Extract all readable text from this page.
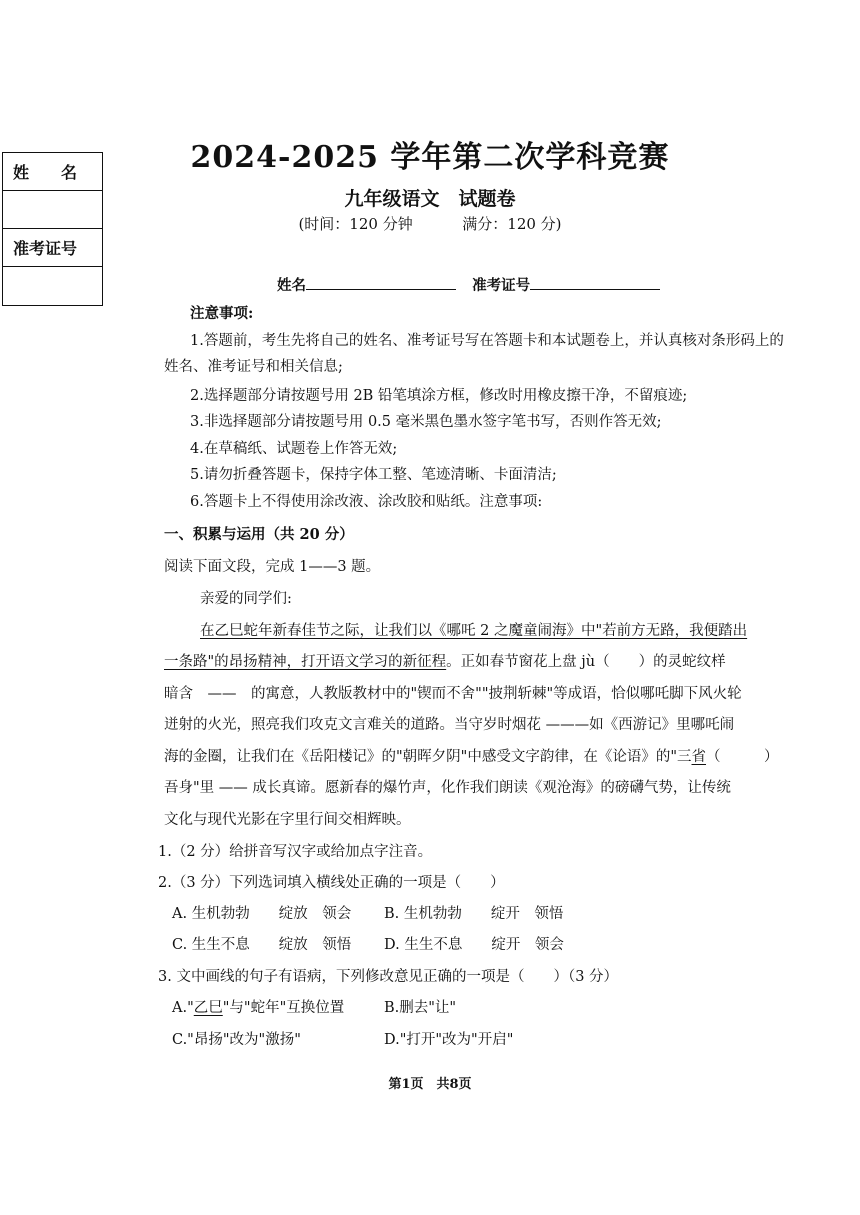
姓　　名
准考证号
2024-2025 学年第二次学科竞赛
九年级语文　试题卷
(时间：120 分钟	满分：120 分)
姓名	准考证号
注意事项:
1.答题前，考生先将自己的姓名、准考证号写在答题卡和本试题卷上，并认真核对条形码上的
姓名、准考证号和相关信息;
2.选择题部分请按题号用 2B 铅笔填涂方框，修改时用橡皮擦干净，不留痕迹;
3.非选择题部分请按题号用 0.5 毫米黑色墨水签字笔书写，否则作答无效;
4.在草稿纸、试题卷上作答无效;
5.请勿折叠答题卡，保持字体工整、笔迹清晰、卡面清洁;
6.答题卡上不得使用涂改液、涂改胶和贴纸。注意事项:
一、积累与运用（共 20 分）
阅读下面文段，完成 1——3 题。
亲爱的同学们:
在乙巳蛇年新春佳节之际，让我们以《哪吒 2 之魔童闹海》中"若前方无路，我便踏出
一条路"的昂扬精神，打开语文学习的新征程。正如春节窗花上盘 jù（　　）的灵蛇纹样
暗含　——　的寓意，人教版教材中的"锲而不舍""披荆斩棘"等成语，恰似哪吒脚下风火轮
迸射的火光，照亮我们攻克文言难关的道路。当守岁时烟花 ———如《西游记》里哪吒闹
海的金圈，让我们在《岳阳楼记》的"朝晖夕阴"中感受文字韵律，在《论语》的"三省（　　　）
吾身"里 —— 成长真谛。愿新春的爆竹声，化作我们朗读《观沧海》的磅礴气势，让传统
文化与现代光影在字里行间交相辉映。
1.（2 分）给拼音写汉字或给加点字注音。
2.（3 分）下列选词填入横线处正确的一项是（　　）
A. 生机勃勃　　绽放　领会 B. 生机勃勃　　绽开　领悟
C. 生生不息　　绽放　领悟 D. 生生不息　　绽开　领会
3. 文中画线的句子有语病，下列修改意见正确的一项是（　　）（3 分）
A."乙巳"与"蛇年"互换位置	B.删去"让"
C."昂扬"改为"激扬"	D."打开"改为"开启"
第1页　共8页
